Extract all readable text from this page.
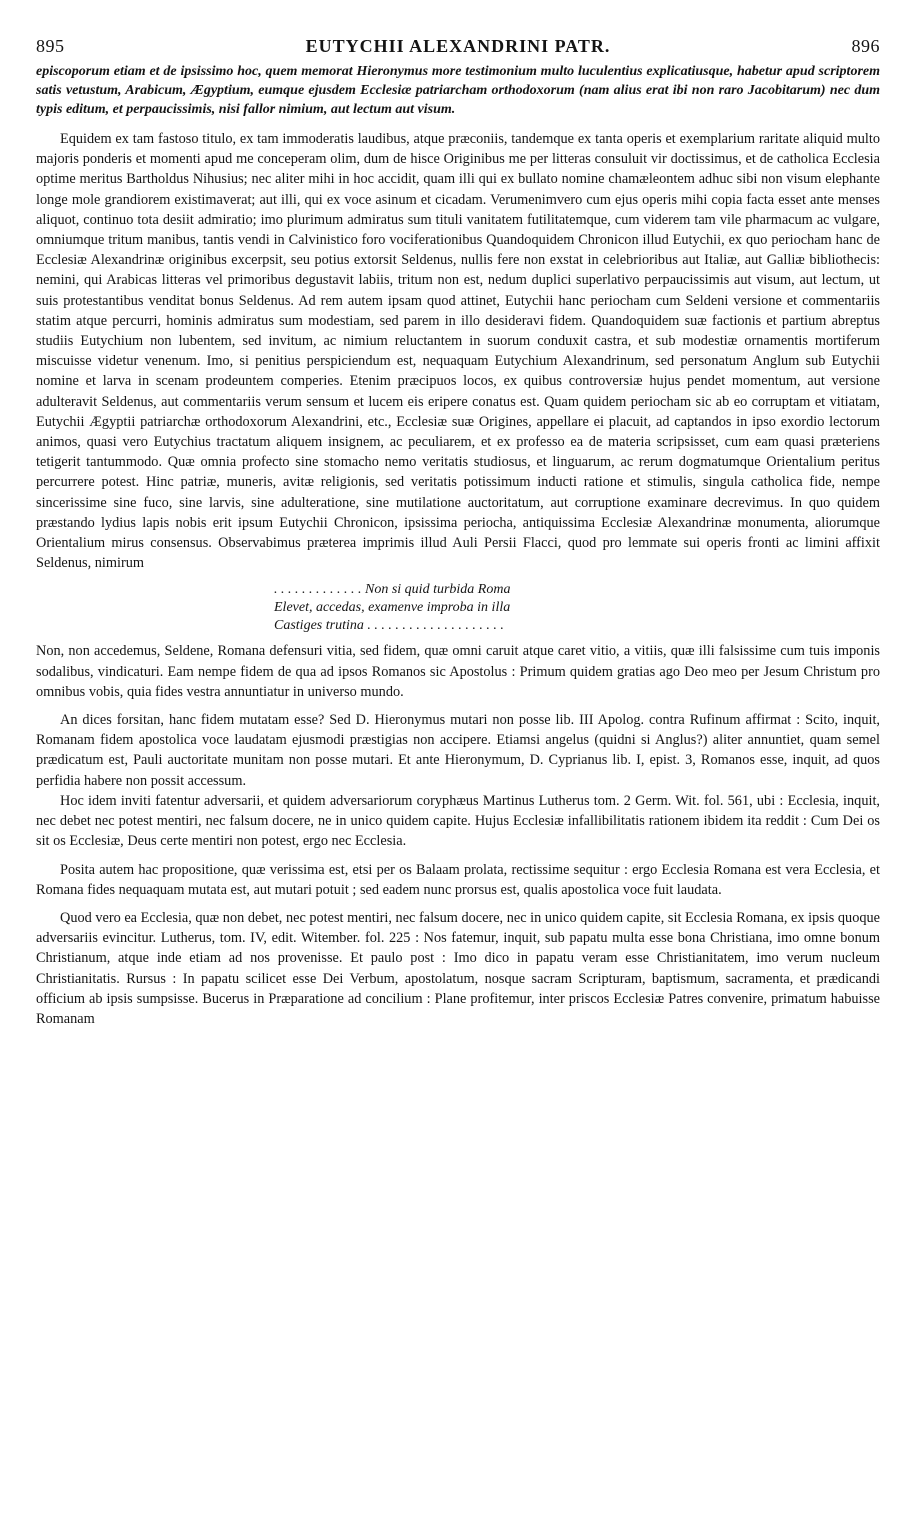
895	EUTYCHII ALEXANDRINI PATR.	896

episcoporum etiam et de ipsissimo hoc, quem memorat Hieronymus more testimonium multo luculentius explicatiusque, habetur apud scriptorem satis vetustum, Arabicum, Ægyptium, eumque ejusdem Ecclesiæ patriarcham orthodoxorum (nam alius erat ibi non raro Jacobitarum) nec dum typis editum, et perpaucissimis, nisi fallor nimium, aut lectum aut visum.

Equidem ex tam fastoso titulo, ex tam immoderatis laudibus, atque præconiis, tandemque ex tanta operis et exemplarium raritate aliquid multo majoris ponderis et momenti apud me conceperam olim, dum de hisce Originibus me per litteras consuluit vir doctissimus, et de catholica Ecclesia optime meritus Bartholdus Nihusius; nec aliter mihi in hoc accidit, quam illi qui ex bullato nomine chamæleontem adhuc sibi non visum elephante longe mole grandiorem existimaverat; aut illi, qui ex voce asinum et cicadam. Verumenimvero cum ejus operis mihi copia facta esset ante menses aliquot, continuo tota desiit admiratio; imo plurimum admiratus sum tituli vanitatem futilitatemque, cum viderem tam vile pharmacum ac vulgare, omniumque tritum manibus, tantis vendi in Calvinistico foro vociferationibus Quandoquidem Chronicon illud Eutychii, ex quo periocham hanc de Ecclesiæ Alexandrinæ originibus excerpsit, seu potius extorsit Seldenus, nullis fere non exstat in celebrioribus aut Italiæ, aut Galliæ bibliothecis: nemini, qui Arabicas litteras vel primoribus degustavit labiis, tritum non est, nedum duplici superlativo perpaucissimis aut visum, aut lectum, ut suis protestantibus venditat bonus Seldenus. Ad rem autem ipsam quod attinet, Eutychii hanc periocham cum Seldeni versione et commentariis statim atque percurri, hominis admiratus sum modestiam, sed parem in illo desideravi fidem. Quandoquidem suæ factionis et partium abreptus studiis Eutychium non lubentem, sed invitum, ac nimium reluctantem in suorum conduxit castra, et sub modestiæ ornamentis mortiferum miscuisse videtur venenum. Imo, si penitius perspiciendum est, nequaquam Eutychium Alexandrinum, sed personatum Anglum sub Eutychii nomine et larva in scenam prodeuntem comperies. Etenim præcipuos locos, ex quibus controversiæ hujus pendet momentum, aut versione adulteravit Seldenus, aut commentariis verum sensum et lucem eis eripere conatus est. Quam quidem periocham sic ab eo corruptam et vitiatam, Eutychii Ægyptii patriarchæ orthodoxorum Alexandrini, etc., Ecclesiæ suæ Origines, appellare ei placuit, ad captandos in ipso exordio lectorum animos, quasi vero Eutychius tractatum aliquem insignem, ac peculiarem, et ex professo ea de materia scripsisset, cum eam quasi præteriens tetigerit tantummodo. Quæ omnia profecto sine stomacho nemo veritatis studiosus, et linguarum, ac rerum dogmatumque Orientalium peritus percurrere potest. Hinc patriæ, muneris, avitæ religionis, sed veritatis potissimum inducti ratione et stimulis, singula catholica fide, nempe sincerissime sine fuco, sine larvis, sine adulteratione, sine mutilatione auctoritatum, aut corruptione examinare decrevimus. In quo quidem præstando lydius lapis nobis erit ipsum Eutychii Chronicon, ipsissima periocha, antiquissima Ecclesiæ Alexandrinæ monumenta, aliorumque Orientalium mirus consensus. Observabimus præterea imprimis illud Auli Persii Flacci, quod pro lemmate sui operis fronti ac limini affixit Seldenus, nimirum

. . . . . . . . . . . . . Non si quid turbida Roma
Elevet, accedas, examenve improba in illa
Castiges trutina . . . . . . . . . . . . . . . . . . . .

Non, non accedemus, Seldene, Romana defensuri vitia, sed fidem, quæ omni caruit atque caret vitio, a vitiis, quæ illi falsissime cum tuis imponis sodalibus, vindicaturi. Eam nempe fidem de qua ad ipsos Romanos sic Apostolus : Primum quidem gratias ago Deo meo per Jesum Christum pro omnibus vobis, quia fides vestra annuntiatur in universo mundo.

An dices forsitan, hanc fidem mutatam esse? Sed D. Hieronymus mutari non posse lib. III Apolog. contra Rufinum affirmat : Scito, inquit, Romanam fidem apostolica voce laudatam ejusmodi præstigias non accipere. Etiamsi angelus (quidni si Anglus?) aliter annuntiet, quam semel prædicatum est, Pauli auctoritate munitam non posse mutari. Et ante Hieronymum, D. Cyprianus lib. I, epist. 3, Romanos esse, inquit, ad quos perfidia habere non possit accessum.

Hoc idem inviti fatentur adversarii, et quidem adversariorum coryphæus Martinus Lutherus tom. 2 Germ. Wit. fol. 561, ubi : Ecclesia, inquit, nec debet nec potest mentiri, nec falsum docere, ne in unico quidem capite. Hujus Ecclesiæ infallibilitatis rationem ibidem ita reddit : Cum Dei os sit os Ecclesiæ, Deus certe mentiri non potest, ergo nec Ecclesia.

Posita autem hac propositione, quæ verissima est, etsi per os Balaam prolata, rectissime sequitur : ergo Ecclesia Romana est vera Ecclesia, et Romana fides nequaquam mutata est, aut mutari potuit ; sed eadem nunc prorsus est, qualis apostolica voce fuit laudata.

Quod vero ea Ecclesia, quæ non debet, nec potest mentiri, nec falsum docere, nec in unico quidem capite, sit Ecclesia Romana, ex ipsis quoque adversariis evincitur. Lutherus, tom. IV, edit. Witember. fol. 225 : Nos fatemur, inquit, sub papatu multa esse bona Christiana, imo omne bonum Christianum, atque inde etiam ad nos provenisse. Et paulo post : Imo dico in papatu veram esse Christianitatem, imo verum nucleum Christianitatis. Rursus : In papatu scilicet esse Dei Verbum, apostolatum, nosque sacram Scripturam, baptismum, sacramenta, et prædicandi officium ab ipsis sumpsisse. Bucerus in Præparatione ad concilium : Plane profitemur, inter priscos Ecclesiæ Patres convenire, primatum habuisse Romanam
